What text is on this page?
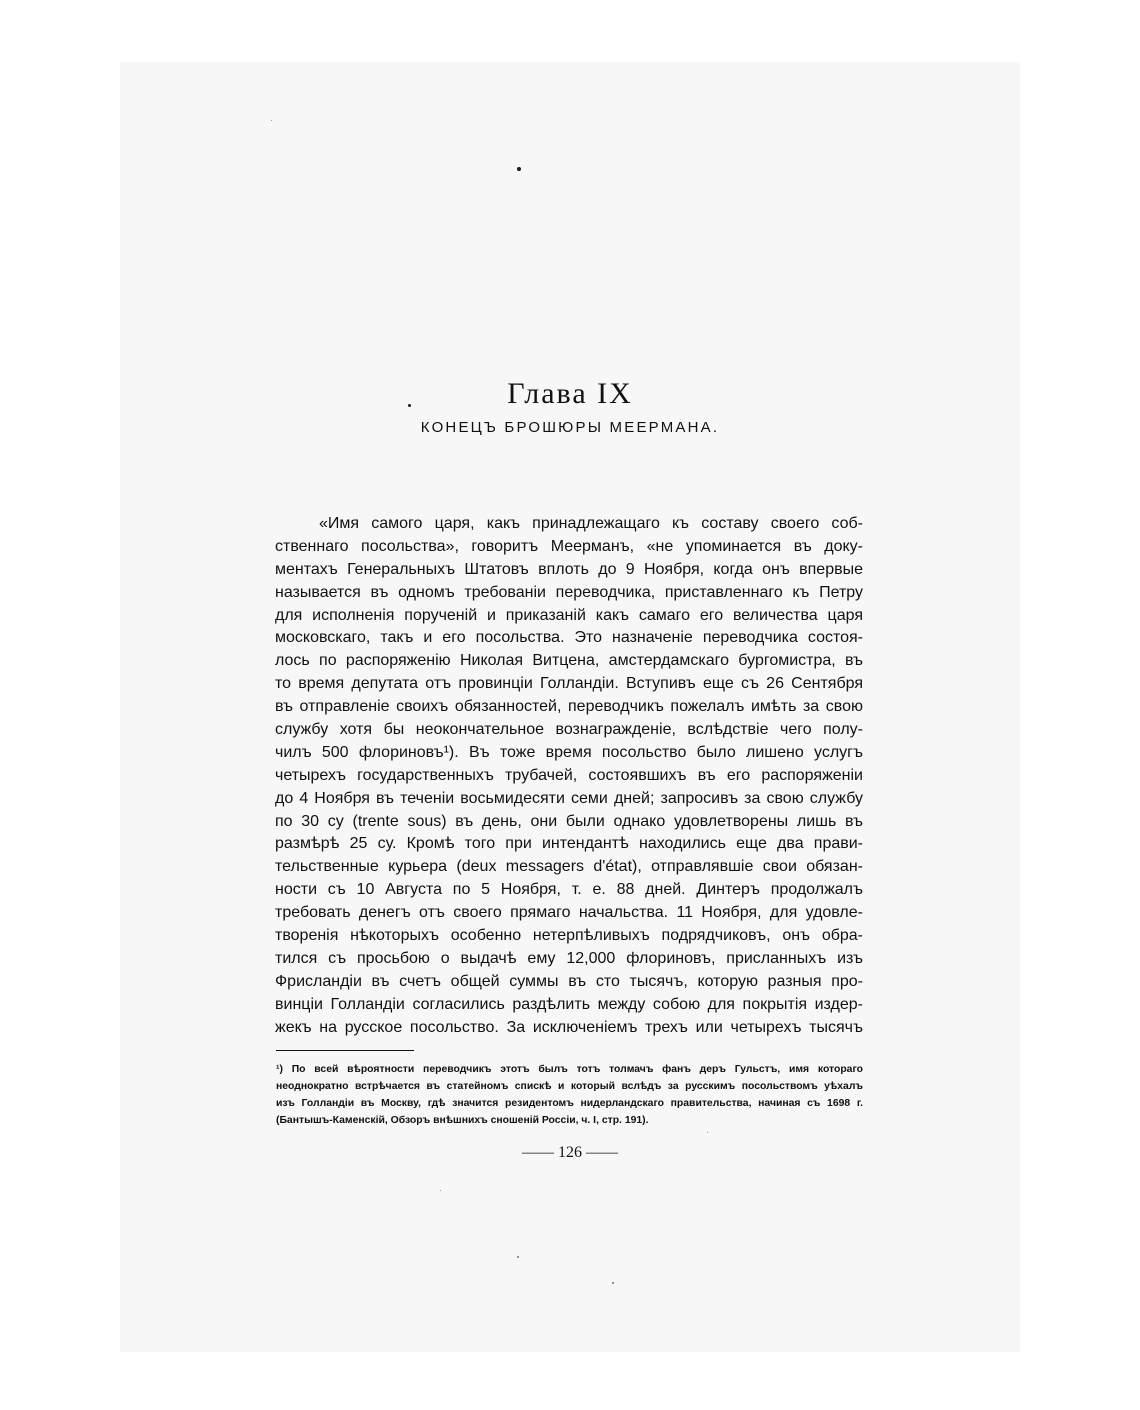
Глава IX
КОНЕЦЪ БРОШЮРЫ МЕЕРМАНА.
«Имя самого царя, какъ принадлежащаго къ составу своего соб-
ственнаго посольства», говоритъ Меерманъ, «не упоминается въ доку-
ментахъ Генеральныхъ Штатовъ вплоть до 9 Ноября, когда онъ впервые
называется въ одномъ требованіи переводчика, приставленнаго къ Петру
для исполненія порученій и приказаній какъ самаго его величества царя
московскаго, такъ и его посольства. Это назначеніе переводчика состоя-
лось по распоряженію Николая Витцена, амстердамскаго бургомистра, въ
то время депутата отъ провинціи Голландіи. Вступивъ еще съ 26 Сентября
въ отправленіе своихъ обязанностей, переводчикъ пожелалъ имѣть за свою
службу хотя бы неокончательное вознагражденіе, вслѣдствіе чего полу-
чилъ 500 флориновъ¹). Въ тоже время посольство было лишено услугъ
четырехъ государственныхъ трубачей, состоявшихъ въ его распоряженіи
до 4 Ноября въ теченіи восьмидесяти семи дней; запросивъ за свою службу
по 30 су (trente sous) въ день, они были однако удовлетворены лишь въ
размѣрѣ 25 су. Кромѣ того при интендантѣ находились еще два прави-
тельственные курьера (deux messagers d'état), отправлявшіе свои обязан-
ности съ 10 Августа по 5 Ноября, т. е. 88 дней. Динтеръ продолжалъ
требовать денегъ отъ своего прямаго начальства. 11 Ноября, для удовле-
творенія нѣкоторыхъ особенно нетерпѣливыхъ подрядчиковъ, онъ обра-
тился съ просьбою о выдачѣ ему 12,000 флориновъ, присланныхъ изъ
Фрисландіи въ счетъ общей суммы въ сто тысячъ, которую разныя про-
винціи Голландіи согласились раздѣлить между собою для покрытія издер-
жекъ на русское посольство. За исключеніемъ трехъ или четырехъ тысячъ
¹) По всей вѣроятности переводчикъ этотъ былъ тотъ толмачъ фанъ деръ Гульстъ, имя котораго
неоднократно встрѣчается въ статейномъ спискѣ и который вслѣдъ за русскимъ посольствомъ уѣхалъ
изъ Голландіи въ Москву, гдѣ значится резидентомъ нидерландскаго правительства, начиная съ 1698 г.
(Бантышъ-Каменскій, Обзоръ внѣшнихъ сношеній Россіи, ч. I, стр. 191).
—— 126 ——
